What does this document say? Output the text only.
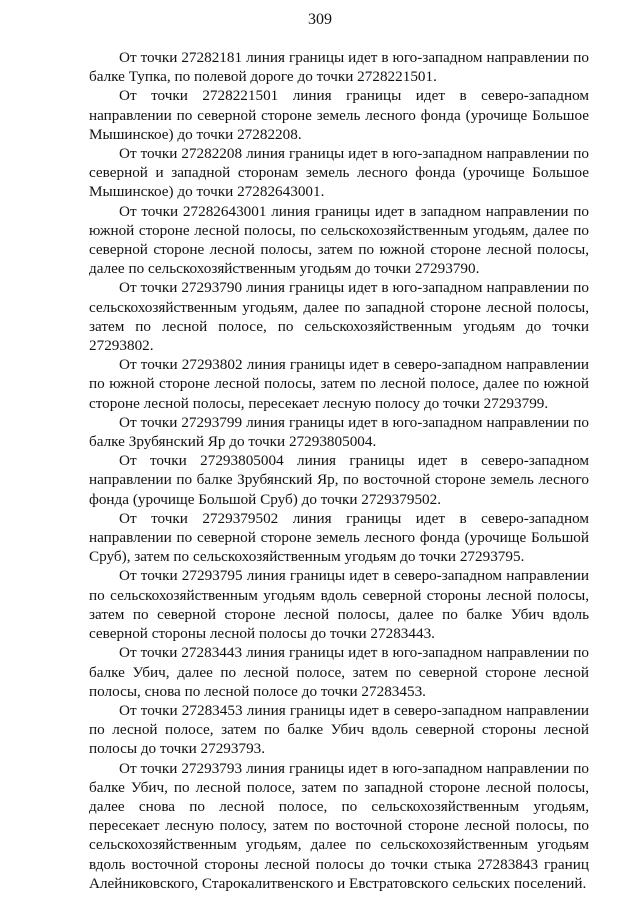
309

От точки 27282181 линия границы идет в юго-западном направлении по балке Тупка, по полевой дороге до точки 2728221501.

От точки 2728221501 линия границы идет в северо-западном направлении по северной стороне земель лесного фонда (урочище Большое Мышинское) до точки 27282208.

От точки 27282208 линия границы идет в юго-западном направлении по северной и западной сторонам земель лесного фонда (урочище Большое Мышинское) до точки 27282643001.

От точки 27282643001 линия границы идет в западном направлении по южной стороне лесной полосы, по сельскохозяйственным угодьям, далее по северной стороне лесной полосы, затем по южной стороне лесной полосы, далее по сельскохозяйственным угодьям до точки 27293790.

От точки 27293790 линия границы идет в юго-западном направлении по сельскохозяйственным угодьям, далее по западной стороне лесной полосы, затем по лесной полосе, по сельскохозяйственным угодьям до точки 27293802.

От точки 27293802 линия границы идет в северо-западном направлении по южной стороне лесной полосы, затем по лесной полосе, далее по южной стороне лесной полосы, пересекает лесную полосу до точки 27293799.

От точки 27293799 линия границы идет в юго-западном направлении по балке Зрубянский Яр до точки 27293805004.

От точки 27293805004 линия границы идет в северо-западном направлении по балке Зрубянский Яр, по восточной стороне земель лесного фонда (урочище Большой Сруб) до точки 2729379502.

От точки 2729379502 линия границы идет в северо-западном направлении по северной стороне земель лесного фонда (урочище Большой Сруб), затем по сельскохозяйственным угодьям до точки 27293795.

От точки 27293795 линия границы идет в северо-западном направлении по сельскохозяйственным угодьям вдоль северной стороны лесной полосы, затем по северной стороне лесной полосы, далее по балке Убич вдоль северной стороны лесной полосы до точки 27283443.

От точки 27283443 линия границы идет в юго-западном направлении по балке Убич, далее по лесной полосе, затем по северной стороне лесной полосы, снова по лесной полосе до точки 27283453.

От точки 27283453 линия границы идет в северо-западном направлении по лесной полосе, затем по балке Убич вдоль северной стороны лесной полосы до точки 27293793.

От точки 27293793 линия границы идет в юго-западном направлении по балке Убич, по лесной полосе, затем по западной стороне лесной полосы, далее снова по лесной полосе, по сельскохозяйственным угодьям, пересекает лесную полосу, затем по восточной стороне лесной полосы, по сельскохозяйственным угодьям, далее по сельскохозяйственным угодьям вдоль восточной стороны лесной полосы до точки стыка 27283843 границ Алейниковского, Старокалитвенского и Евстратовского сельских поселений.
